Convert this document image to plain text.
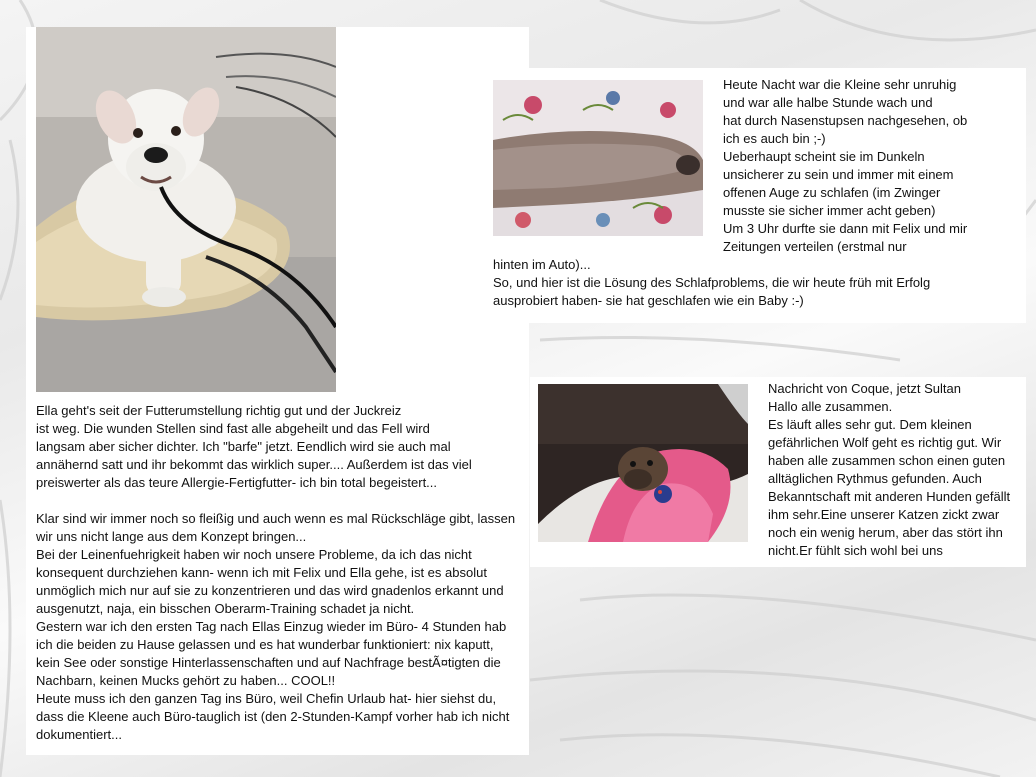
Ella geht's seit der Futterumstellung richtig gut und der Juckreiz
ist weg. Die wunden Stellen sind fast alle abgeheilt und das Fell wird
langsam aber sicher dichter. Ich "barfe" jetzt. Eendlich wird sie auch mal
annähernd satt und ihr bekommt das wirklich super.... Außerdem ist das viel
preiswerter als das teure Allergie-Fertigfutter- ich bin total begeistert...
Klar sind wir immer noch so fleißig und auch wenn es mal Rückschläge gibt, lassen
wir uns nicht lange aus dem Konzept bringen...
Bei der Leinenfuehrigkeit haben wir noch unsere Probleme, da ich das nicht
konsequent durchziehen kann- wenn ich mit Felix und Ella gehe, ist es absolut
unmöglich mich nur auf sie zu konzentrieren und das wird gnadenlos erkannt und
ausgenutzt, naja, ein bisschen Oberarm-Training schadet ja nicht.
Gestern war ich den ersten Tag nach Ellas Einzug wieder im Büro- 4 Stunden hab
ich die beiden zu Hause gelassen und es hat wunderbar funktioniert: nix kaputt,
kein See oder sonstige Hinterlassenschaften und auf Nachfrage bestÃ¤tigten die
Nachbarn, keinen Mucks gehört zu haben... COOL!!
Heute muss ich den ganzen Tag ins Büro, weil Chefin Urlaub hat- hier siehst du,
dass die Kleene auch Büro-tauglich ist (den 2-Stunden-Kampf vorher hab ich nicht
dokumentiert...
Heute Nacht war die Kleine sehr unruhig
und war alle halbe Stunde wach und
hat durch Nasenstupsen nachgesehen, ob
ich es auch bin ;-)
Ueberhaupt scheint sie im Dunkeln
unsicherer zu sein und immer mit einem
offenen Auge zu schlafen (im Zwinger
musste sie sicher immer acht geben)
Um 3 Uhr durfte sie dann mit Felix und mir
Zeitungen verteilen (erstmal nur
hinten im Auto)...
So, und hier ist die Lösung des Schlafproblems, die wir heute früh mit Erfolg
ausprobiert haben- sie hat geschlafen wie ein Baby :-)
Nachricht von Coque, jetzt Sultan
Hallo alle zusammen.
Es läuft alles sehr gut. Dem kleinen
gefährlichen Wolf geht es richtig gut. Wir
haben alle zusammen schon einen guten
alltäglichen Rythmus gefunden. Auch
Bekanntschaft mit anderen Hunden gefällt
ihm sehr.Eine unserer Katzen zickt zwar
noch ein wenig herum, aber das stört ihn
nicht.Er fühlt sich wohl bei uns
